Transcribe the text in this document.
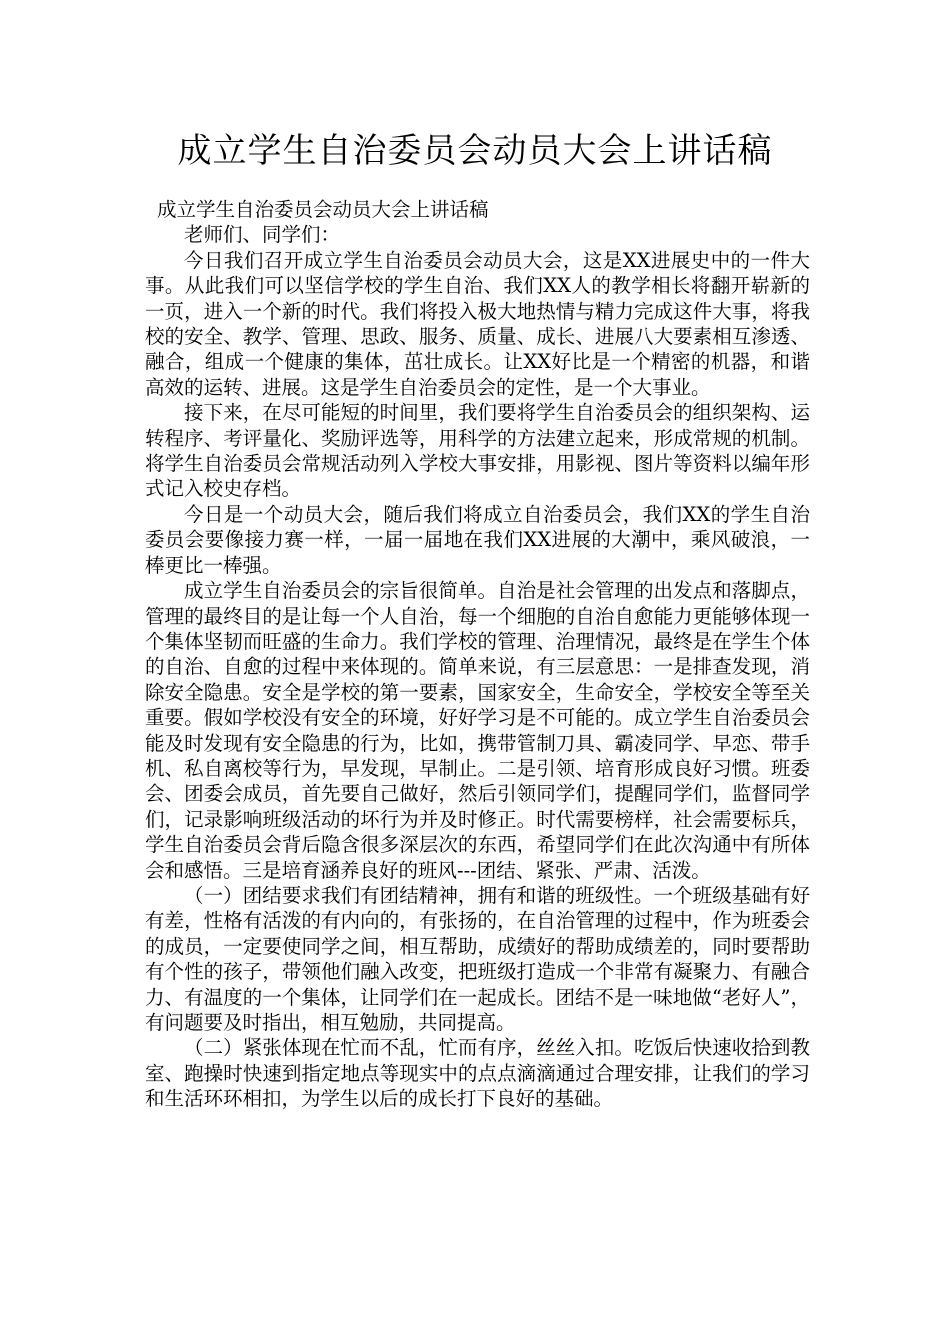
成立学生自治委员会动员大会上讲话稿

成立学生自治委员会动员大会上讲话稿

老师们、同学们：

今日我们召开成立学生自治委员会动员大会，这是XX进展史中的一件大事。从此我们可以坚信学校的学生自治、我们XX人的教学相长将翻开崭新的一页，进入一个新的时代。我们将投入极大地热情与精力完成这件大事，将我校的安全、教学、管理、思政、服务、质量、成长、进展八大要素相互渗透、融合，组成一个健康的集体，茁壮成长。让XX好比是一个精密的机器，和谐高效的运转、进展。这是学生自治委员会的定性，是一个大事业。

接下来，在尽可能短的时间里，我们要将学生自治委员会的组织架构、运转程序、考评量化、奖励评选等，用科学的方法建立起来，形成常规的机制。将学生自治委员会常规活动列入学校大事安排，用影视、图片等资料以编年形式记入校史存档。

今日是一个动员大会，随后我们将成立自治委员会，我们XX的学生自治委员会要像接力赛一样，一届一届地在我们XX进展的大潮中，乘风破浪，一棒更比一棒强。

成立学生自治委员会的宗旨很简单。自治是社会管理的出发点和落脚点，管理的最终目的是让每一个人自治，每一个细胞的自治自愈能力更能够体现一个集体坚韧而旺盛的生命力。我们学校的管理、治理情况，最终是在学生个体的自治、自愈的过程中来体现的。简单来说，有三层意思：一是排查发现，消除安全隐患。安全是学校的第一要素，国家安全，生命安全，学校安全等至关重要。假如学校没有安全的环境，好好学习是不可能的。成立学生自治委员会能及时发现有安全隐患的行为，比如，携带管制刀具、霸凌同学、早恋、带手机、私自离校等行为，早发现，早制止。二是引领、培育形成良好习惯。班委会、团委会成员，首先要自己做好，然后引领同学们，提醒同学们，监督同学们，记录影响班级活动的坏行为并及时修正。时代需要榜样，社会需要标兵，学生自治委员会背后隐含很多深层次的东西，希望同学们在此次沟通中有所体会和感悟。三是培育涵养良好的班风---团结、紧张、严肃、活泼。

（一）团结要求我们有团结精神，拥有和谐的班级性。一个班级基础有好有差，性格有活泼的有内向的，有张扬的，在自治管理的过程中，作为班委会的成员，一定要使同学之间，相互帮助，成绩好的帮助成绩差的，同时要帮助有个性的孩子，带领他们融入改变，把班级打造成一个非常有凝聚力、有融合力、有温度的一个集体，让同学们在一起成长。团结不是一味地做“老好人”，有问题要及时指出，相互勉励，共同提高。

（二）紧张体现在忙而不乱，忙而有序，丝丝入扣。吃饭后快速收拾到教室、跑操时快速到指定地点等现实中的点点滴滴通过合理安排，让我们的学习和生活环环相扣，为学生以后的成长打下良好的基础。
